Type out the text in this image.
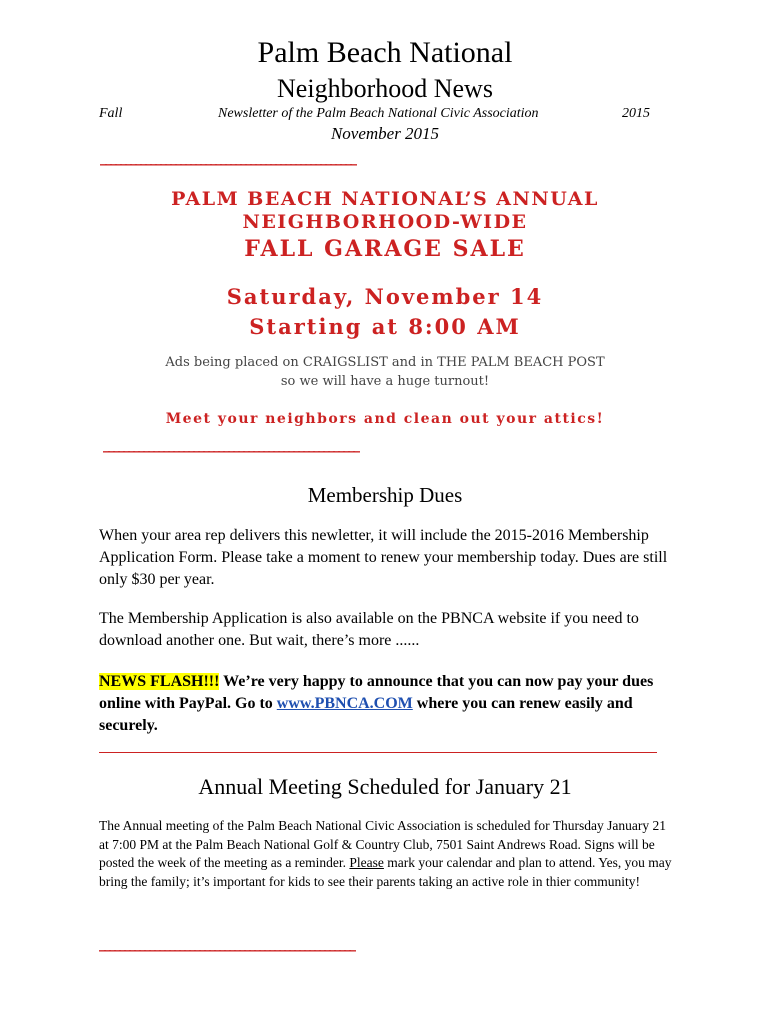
Palm Beach National
Neighborhood News
Fall	Newsletter of the Palm Beach National Civic Association	2015
November 2015
___________________________________________________
PALM BEACH NATIONAL’S ANNUAL
NEIGHBORHOOD-WIDE
FALL GARAGE SALE
Saturday, November 14
Starting at 8:00 AM
Ads being placed on CRAIGSLIST and in THE PALM BEACH POST
so we will have a huge turnout!
Meet your neighbors and clean out your attics!
___________________________________________________
Membership Dues
When your area rep delivers this newletter, it will include the 2015-2016 Membership Application Form. Please take a moment to renew your membership today. Dues are still only $30 per year.
The Membership Application is also available on the PBNCA website if you need to download another one. But wait, there’s more ......
NEWS FLASH!!! We’re very happy to announce that you can now pay your dues online with PayPal. Go to www.PBNCA.COM where you can renew easily and securely.
Annual Meeting Scheduled for January 21
The Annual meeting of the Palm Beach National Civic Association is scheduled for Thursday January 21 at 7:00 PM at the Palm Beach National Golf & Country Club, 7501 Saint Andrews Road. Signs will be posted the week of the meeting as a reminder. Please mark your calendar and plan to attend. Yes, you may bring the family; it’s important for kids to see their parents taking an active role in thier community!
___________________________________________________
